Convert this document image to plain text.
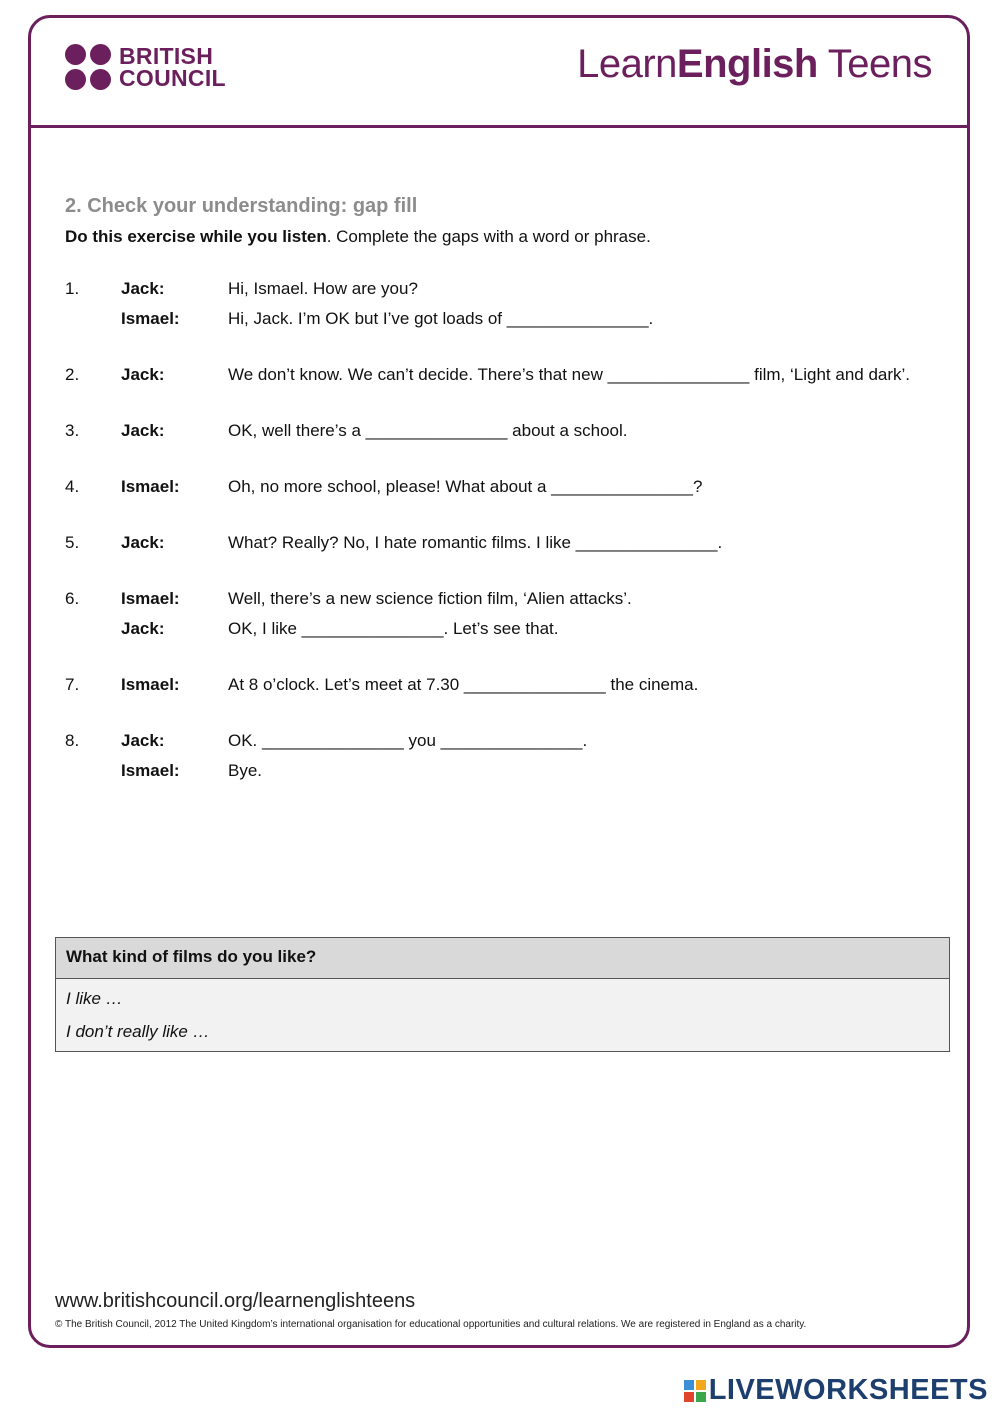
BRITISH
COUNCIL	LearnEnglish Teens
2. Check your understanding: gap fill
Do this exercise while you listen. Complete the gaps with a word or phrase.
1.	Jack:	Hi, Ismael. How are you?
Ismael:	Hi, Jack. I’m OK but I’ve got loads of _______________.
2.	Jack:	We don’t know. We can’t decide. There’s that new _______________ film, ‘Light and dark’.
3.	Jack:	OK, well there’s a _______________ about a school.
4.	Ismael:	Oh, no more school, please! What about a _______________?
5.	Jack:	What? Really? No, I hate romantic films. I like _______________.
6.	Ismael:	Well, there’s a new science fiction film, ‘Alien attacks’.
Jack:	OK, I like _______________. Let’s see that.
7.	Ismael:	At 8 o’clock. Let’s meet at 7.30 _______________ the cinema.
8.	Jack:	OK. _______________ you _______________.
Ismael:	Bye.
What kind of films do you like?
I like …
I don’t really like …
www.britishcouncil.org/learnenglishteens
© The British Council, 2012 The United Kingdom’s international organisation for educational opportunities and cultural relations. We are registered in England as a charity.
LIVEWORKSHEETS
